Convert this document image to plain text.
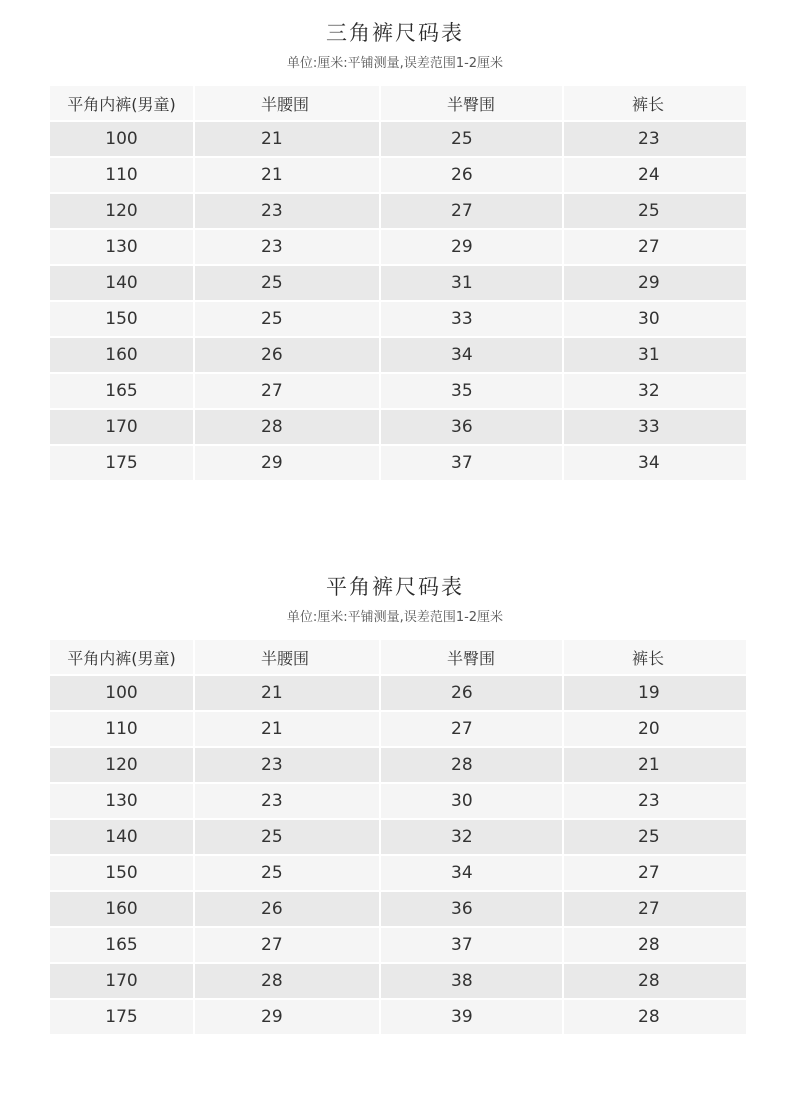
三角裤尺码表
单位:厘米:平铺测量,误差范围1-2厘米
平角内裤(男童)	半腰围	半臀围	裤长
100	21	25	23
110	21	26	24
120	23	27	25
130	23	29	27
140	25	31	29
150	25	33	30
160	26	34	31
165	27	35	32
170	28	36	33
175	29	37	34
平角裤尺码表
单位:厘米:平铺测量,误差范围1-2厘米
平角内裤(男童)	半腰围	半臀围	裤长
100	21	26	19
110	21	27	20
120	23	28	21
130	23	30	23
140	25	32	25
150	25	34	27
160	26	36	27
165	27	37	28
170	28	38	28
175	29	39	28
